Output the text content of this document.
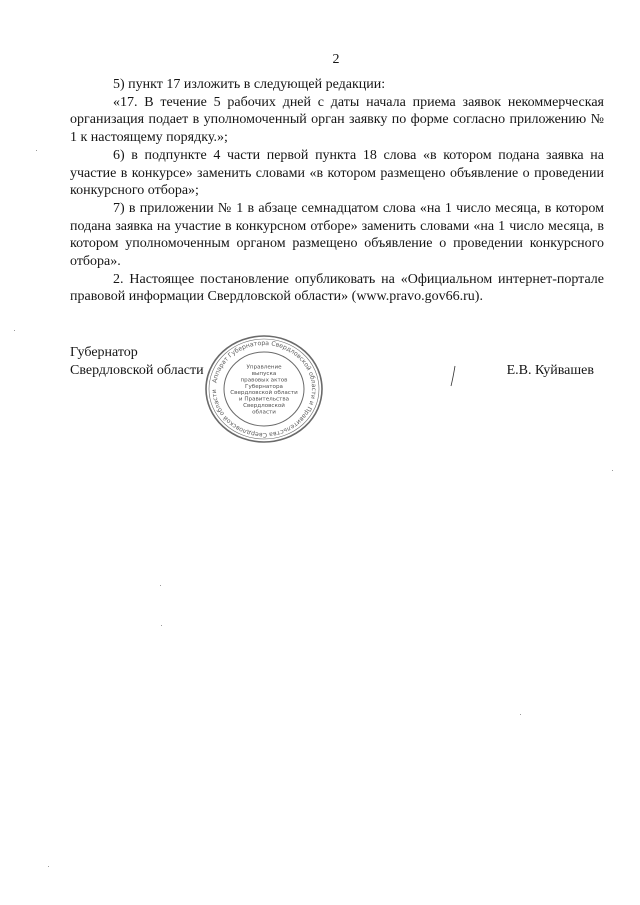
2

5) пункт 17 изложить в следующей редакции:

«17. В течение 5 рабочих дней с даты начала приема заявок некоммерческая организация подает в уполномоченный орган заявку по форме согласно приложению № 1 к настоящему порядку.»;

6) в подпункте 4 части первой пункта 18 слова «в котором подана заявка на участие в конкурсе» заменить словами «в котором размещено объявление о проведении конкурсного отбора»;

7) в приложении № 1 в абзаце семнадцатом слова «на 1 число месяца, в котором подана заявка на участие в конкурсном отборе» заменить словами «на 1 число месяца, в котором уполномоченным органом размещено объявление о проведении конкурсного отбора».

2. Настоящее постановление опубликовать на «Официальном интернет-портале правовой информации Свердловской области» (www.pravo.gov66.ru).

Губернатор
Свердловской области	Е.В. Куйвашев
Аппарат Губернатора Свердловской области и Правительства Свердловской области
Управление
выпуска
правовых актов
Губернатора
Свердловской области
и Правительства
Свердловской
области
